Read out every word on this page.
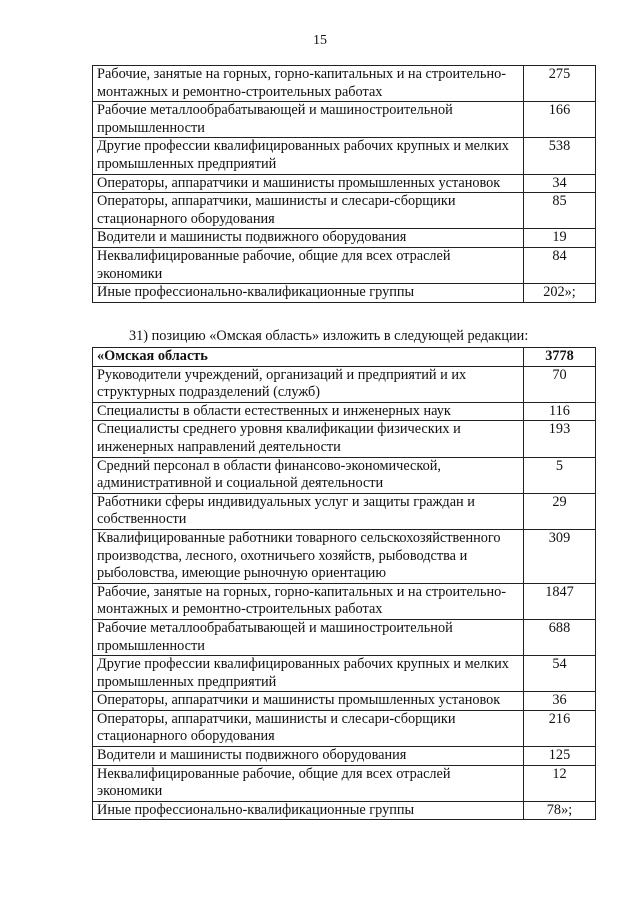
15
Рабочие, занятые на горных, горно-капитальных и на строительно-монтажных и ремонтно-строительных работах	275
Рабочие металлообрабатывающей и машиностроительной промышленности	166
Другие профессии квалифицированных рабочих крупных и мелких промышленных предприятий	538
Операторы, аппаратчики и машинисты промышленных установок	34
Операторы, аппаратчики, машинисты и слесари-сборщики стационарного оборудования	85
Водители и машинисты подвижного оборудования	19
Неквалифицированные рабочие, общие для всех отраслей экономики	84
Иные профессионально-квалификационные группы	202»;
31) позицию «Омская область» изложить в следующей редакции:
«Омская область	3778
Руководители учреждений, организаций и предприятий и их структурных подразделений (служб)	70
Специалисты в области естественных и инженерных наук	116
Специалисты среднего уровня квалификации физических и инженерных направлений деятельности	193
Средний персонал в области финансово-экономической, административной и социальной деятельности	5
Работники сферы индивидуальных услуг и защиты граждан и собственности	29
Квалифицированные работники товарного сельскохозяйственного производства, лесного, охотничьего хозяйств, рыбоводства и рыболовства, имеющие рыночную ориентацию	309
Рабочие, занятые на горных, горно-капитальных и на строительно-монтажных и ремонтно-строительных работах	1847
Рабочие металлообрабатывающей и машиностроительной промышленности	688
Другие профессии квалифицированных рабочих крупных и мелких промышленных предприятий	54
Операторы, аппаратчики и машинисты промышленных установок	36
Операторы, аппаратчики, машинисты и слесари-сборщики стационарного оборудования	216
Водители и машинисты подвижного оборудования	125
Неквалифицированные рабочие, общие для всех отраслей экономики	12
Иные профессионально-квалификационные группы	78»;
